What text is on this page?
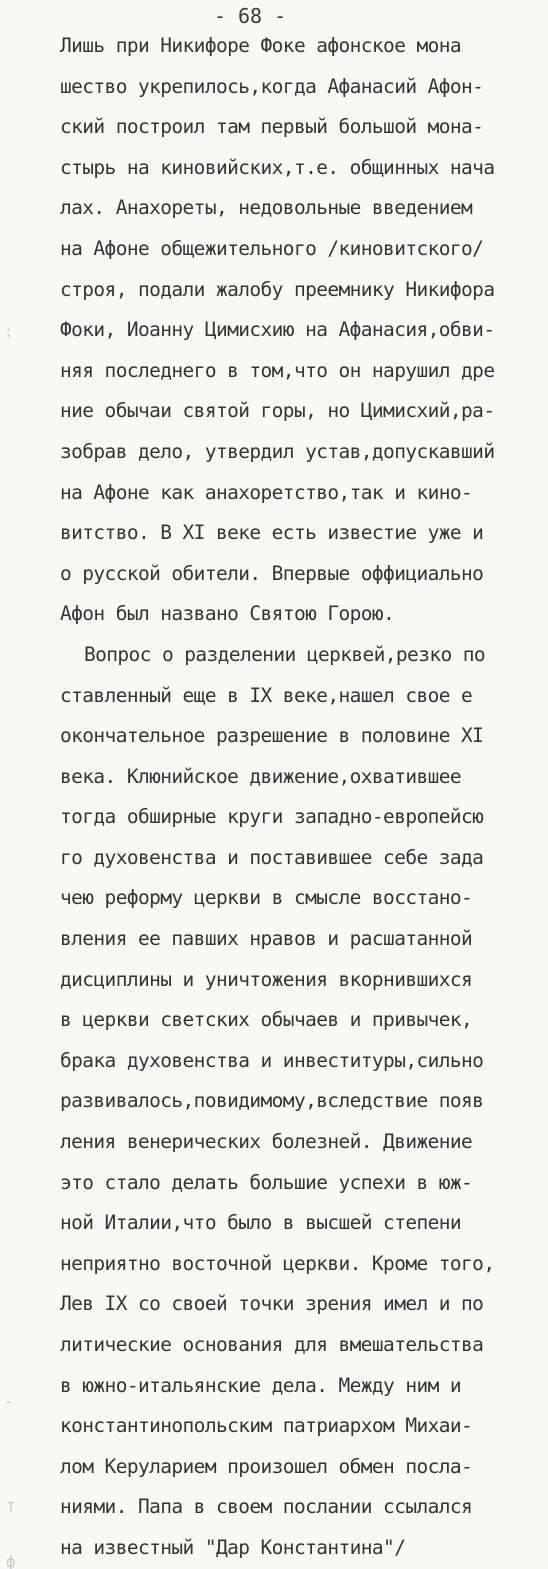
- 68 -
:
-
т
ф
Лишь при Никифоре Фоке афонское мона
шество укрепилось,когда Афанасий Афон-
ский построил там первый большой мона-
стырь на киновийских,т.е. общинных нача
лах. Анахореты, недовольные введением
на Афоне общежительного /киновитского/
строя, подали жалобу преемнику Никифора
Фоки, Иоанну Цимисхию на Афанасия,обви-
няя последнего в том,что он нарушил дре
ние обычаи святой горы, но Цимисхий,ра-
зобрав дело, утвердил устав,допускавший
на Афоне как анахоретство,так и кино-
витство. В XI веке есть известие уже и
о русской обители. Впервые оффициально
Афон был названо Святою Горою.
Вопрос о разделении церквей,резко по
ставленный еще в IX веке,нашел свое е
окончательное разрешение в половине XI
века. Клюнийское движение,охватившее
тогда обширные круги западно-европейсю
го духовенства и поставившее себе зада
чею реформу церкви в смысле восстано-
вления ее павших нравов и расшатанной
дисциплины и уничтожения вкорнившихся
в церкви светских обычаев и привычек,
брака духовенства и инвеституры,сильно
развивалось,повидимому,вследствие появ
ления венерических болезней. Движение
это стало делать большие успехи в юж-
ной Италии,что было в высшей степени
неприятно восточной церкви. Кроме того,
Лев IX со своей точки зрения имел и по
литические основания для вмешательства
в южно-итальянские дела. Между ним и
константинопольским патриархом Михаи-
лом Керуларием произошел обмен посла-
ниями. Папа в своем послании ссылался
на известный "Дар Константина"/
